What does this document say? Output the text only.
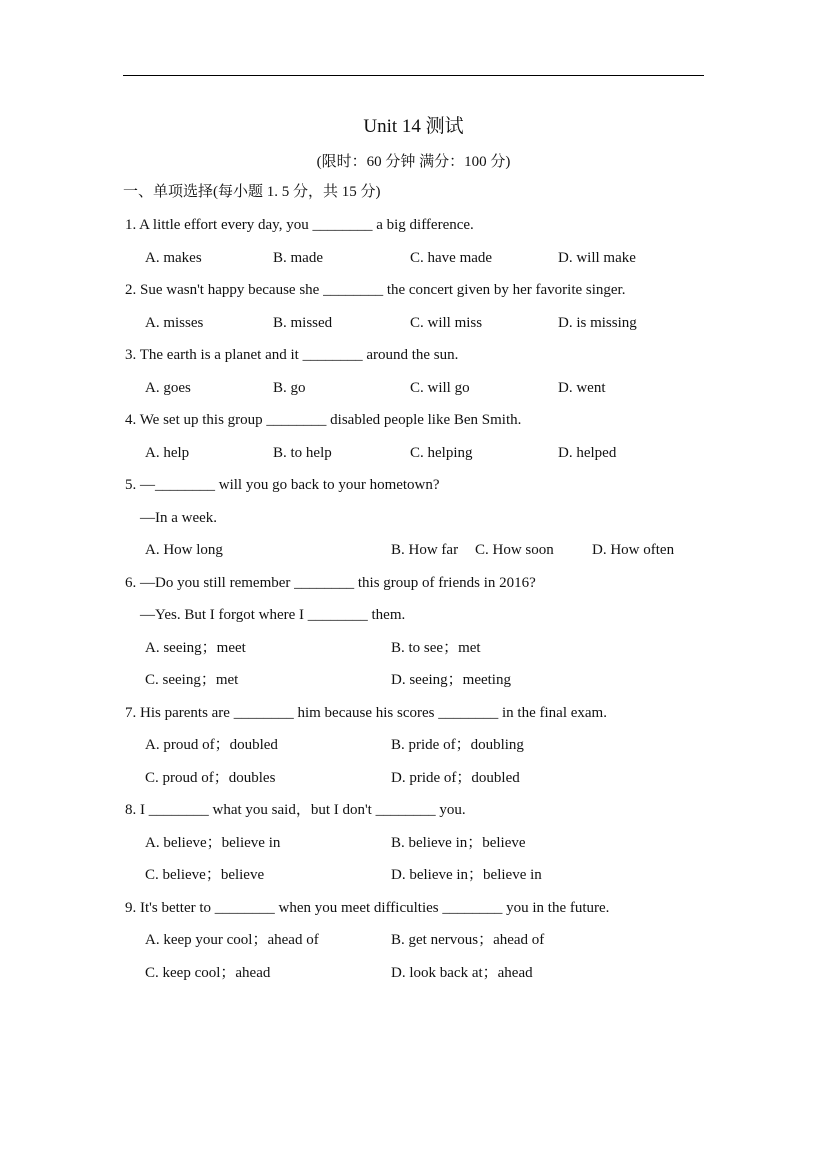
Unit 14 测试
(限时：60 分钟 满分：100 分)
一、单项选择(每小题 1. 5 分，共 15 分)
1. A little effort every day, you ________ a big difference.
A. makes	B. made	C. have made	D. will make
2. Sue wasn't happy because she ________ the concert given by her favorite singer.
A. misses	B. missed	C. will miss	D. is missing
3. The earth is a planet and it ________ around the sun.
A. goes	B. go	C. will go	D. went
4. We set up this group ________ disabled people like Ben Smith.
A. help	B. to help	C. helping	D. helped
5. —________ will you go back to your hometown?
—In a week.
A. How long	B. How far C. How soon	D. How often
6. —Do you still remember ________ this group of friends in 2016?
—Yes. But I forgot where I ________ them.
A. seeing；meet	B. to see；met
C. seeing；met	D. seeing；meeting
7. His parents are ________ him because his scores ________ in the final exam.
A. proud of；doubled	B. pride of；doubling
C. proud of；doubles	D. pride of；doubled
8. I ________ what you said，but I don't ________ you.
A. believe；believe in	B. believe in；believe
C. believe；believe	D. believe in；believe in
9. It's better to ________ when you meet difficulties ________ you in the future.
A. keep your cool；ahead of	B. get nervous；ahead of
C. keep cool；ahead	D. look back at；ahead
